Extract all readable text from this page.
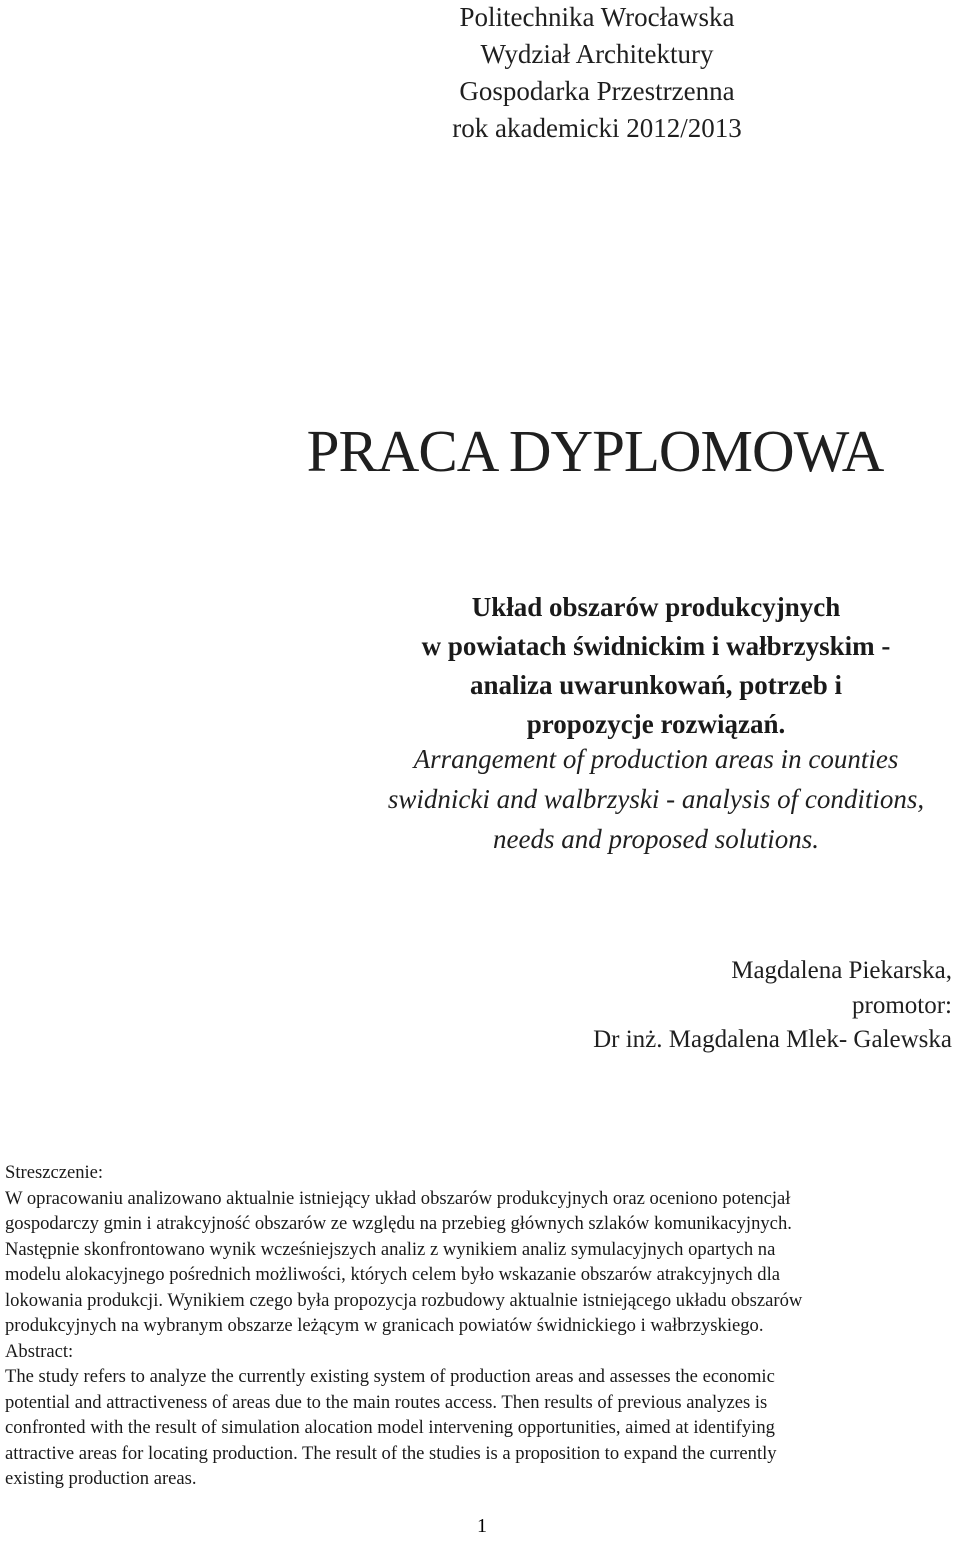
Politechnika Wrocławska
Wydział Architektury
Gospodarka Przestrzenna
rok akademicki 2012/2013
PRACA DYPLOMOWA
Układ obszarów produkcyjnych
w powiatach świdnickim i wałbrzyskim -
analiza uwarunkowań, potrzeb i
propozycje rozwiązań.
Arrangement of production areas in counties
swidnicki and walbrzyski - analysis of conditions,
needs and proposed solutions.
Magdalena Piekarska,
promotor:
Dr inż. Magdalena Mlek- Galewska
Streszczenie:
W opracowaniu analizowano aktualnie istniejący układ obszarów produkcyjnych oraz oceniono potencjał
gospodarczy gmin i atrakcyjność obszarów ze względu na przebieg głównych szlaków komunikacyjnych.
Następnie skonfrontowano wynik wcześniejszych analiz z wynikiem analiz symulacyjnych opartych na
modelu alokacyjnego pośrednich możliwości, których celem było wskazanie obszarów atrakcyjnych dla
lokowania produkcji. Wynikiem czego była propozycja rozbudowy aktualnie istniejącego układu obszarów
produkcyjnych na wybranym obszarze leżącym w granicach powiatów świdnickiego i wałbrzyskiego.
Abstract:
The study refers to analyze the currently existing system of production areas and assesses the economic
potential and attractiveness of areas due to the main routes access. Then results of previous analyzes is
confronted with the result of simulation alocation model intervening opportunities, aimed at identifying
attractive areas for locating production. The result of the studies is a proposition to expand the currently
existing production areas.
1
